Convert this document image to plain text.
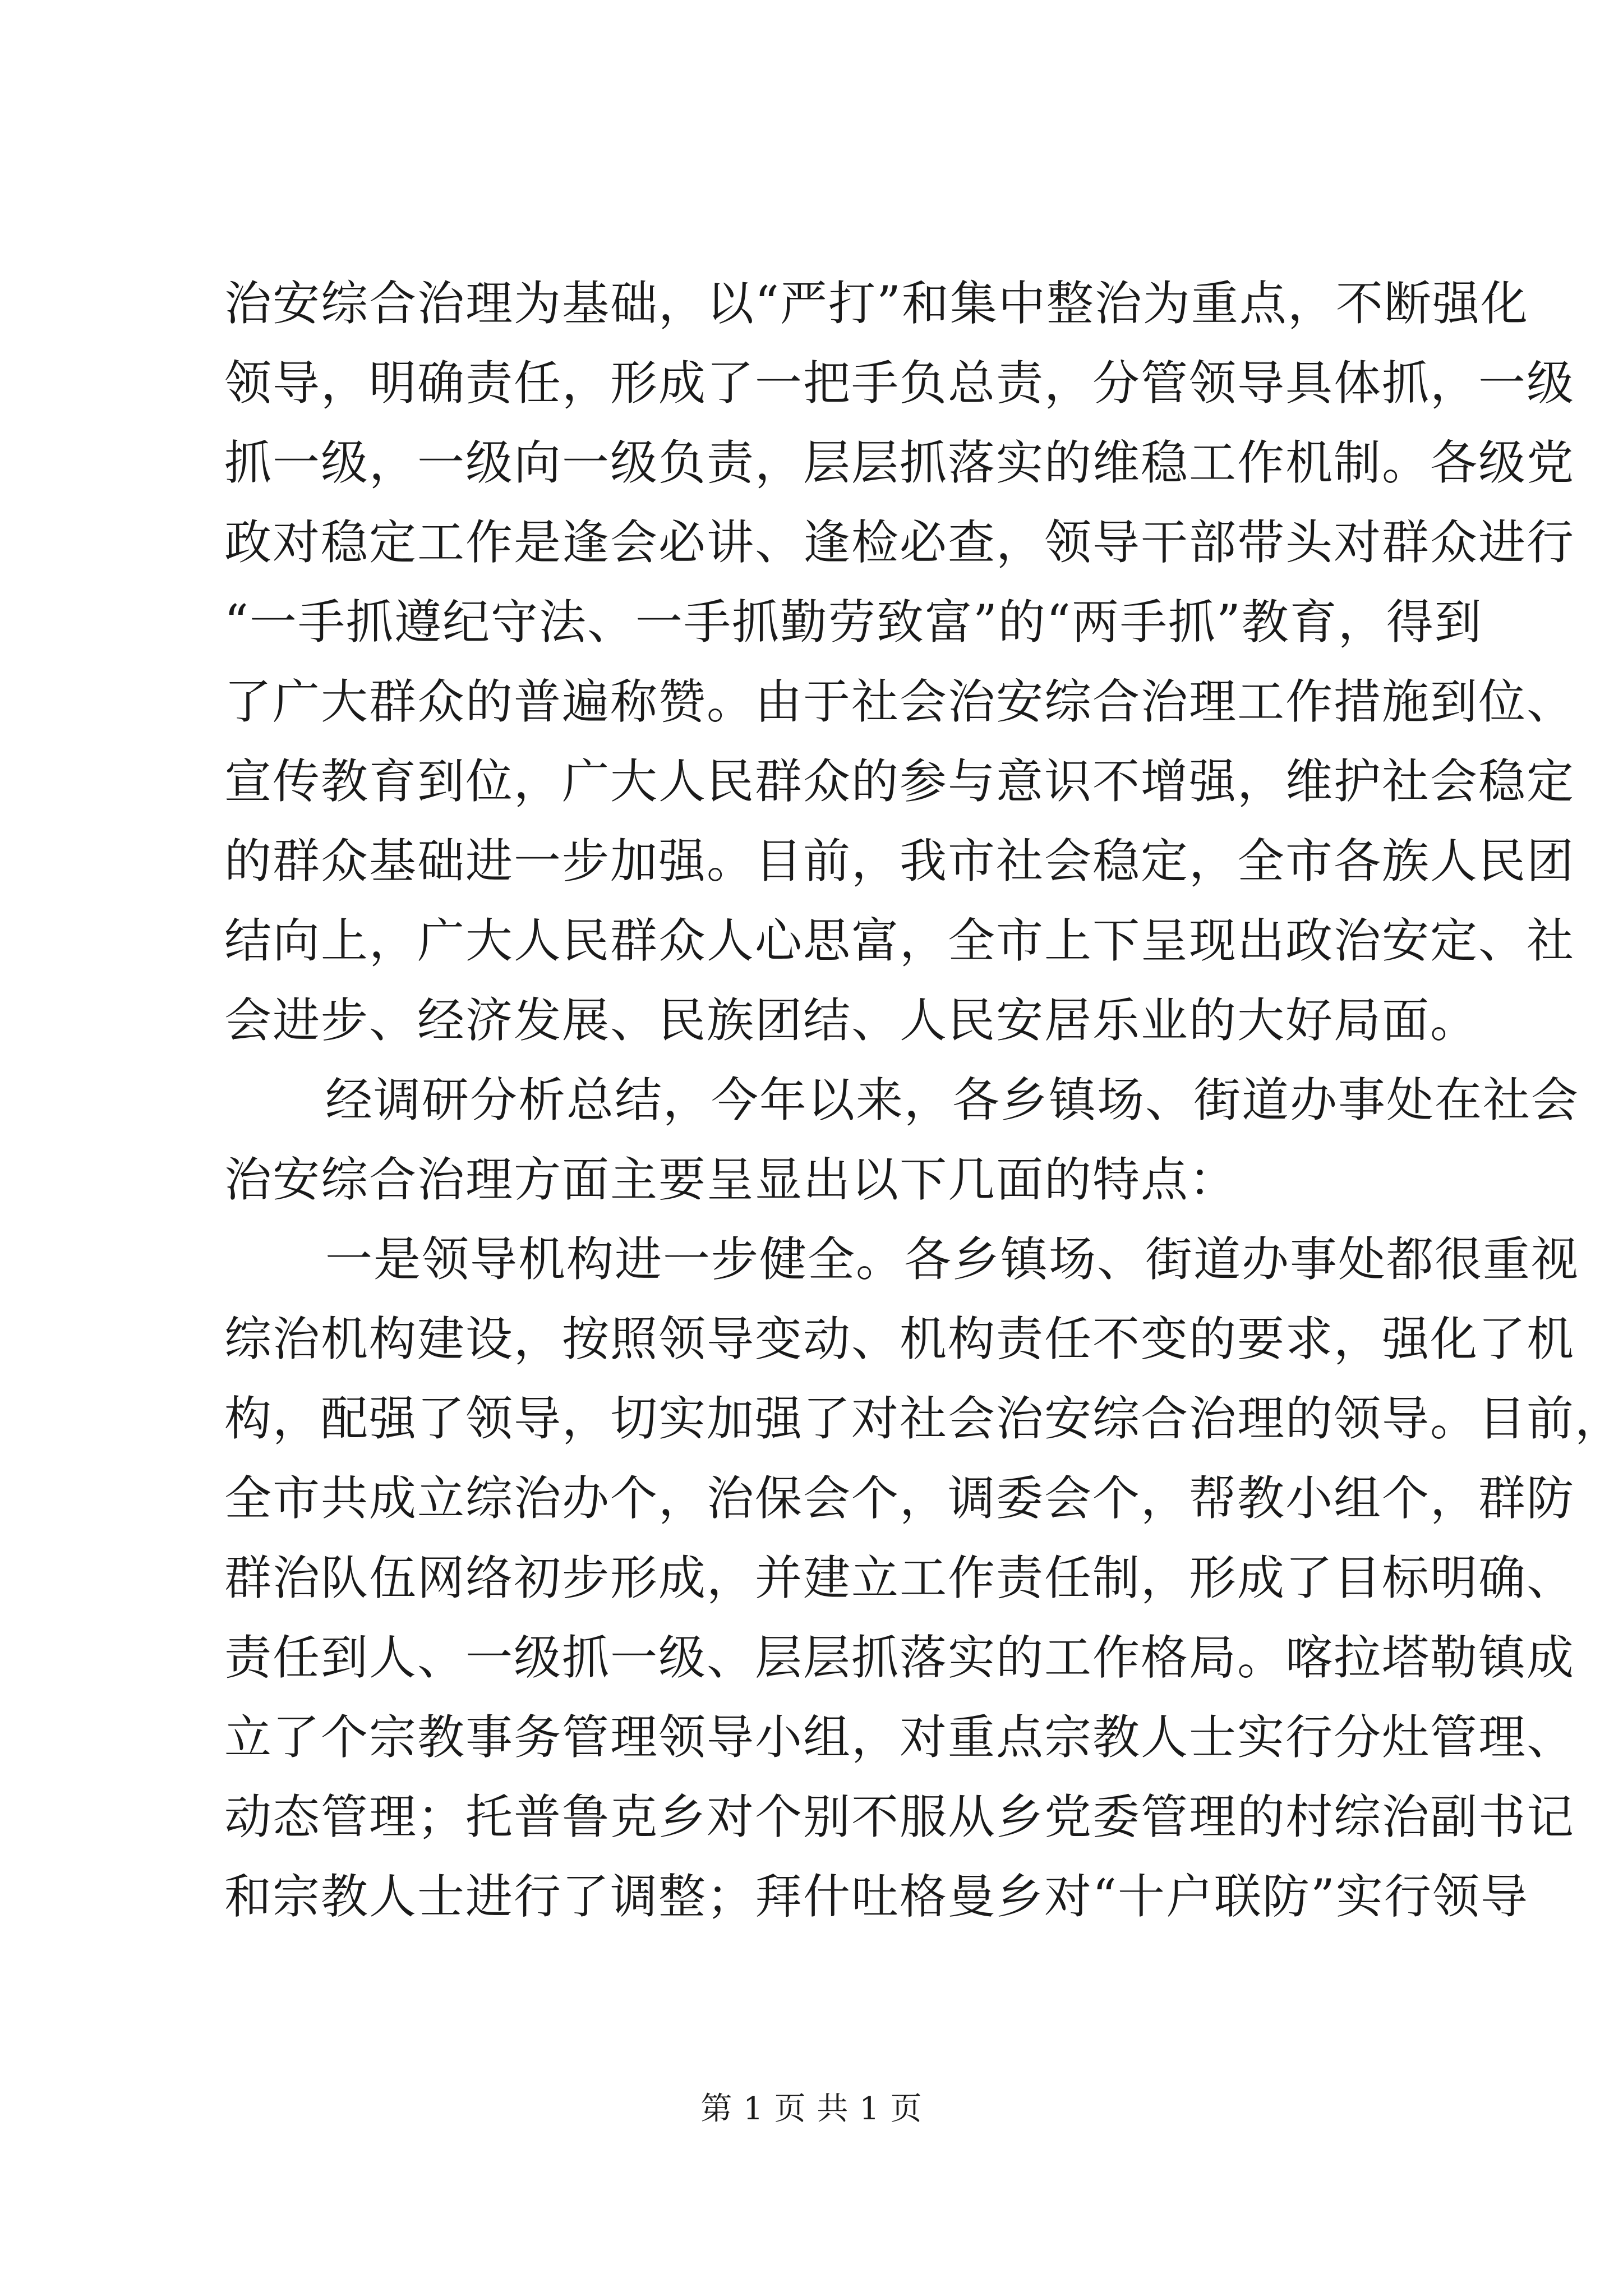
治安综合治理为基础，以“严打”和集中整治为重点，不断强化
领导，明确责任，形成了一把手负总责，分管领导具体抓，一级
抓一级，一级向一级负责，层层抓落实的维稳工作机制。各级党
政对稳定工作是逢会必讲、逢检必查，领导干部带头对群众进行
“一手抓遵纪守法、一手抓勤劳致富”的“两手抓”教育，得到
了广大群众的普遍称赞。由于社会治安综合治理工作措施到位、
宣传教育到位，广大人民群众的参与意识不增强，维护社会稳定
的群众基础进一步加强。目前，我市社会稳定，全市各族人民团
结向上，广大人民群众人心思富，全市上下呈现出政治安定、社
会进步、经济发展、民族团结、人民安居乐业的大好局面。
经调研分析总结，今年以来，各乡镇场、街道办事处在社会
治安综合治理方面主要呈显出以下几面的特点：
一是领导机构进一步健全。各乡镇场、街道办事处都很重视
综治机构建设，按照领导变动、机构责任不变的要求，强化了机
构，配强了领导，切实加强了对社会治安综合治理的领导。目前，
全市共成立综治办个，治保会个，调委会个，帮教小组个，群防
群治队伍网络初步形成，并建立工作责任制，形成了目标明确、
责任到人、一级抓一级、层层抓落实的工作格局。喀拉塔勒镇成
立了个宗教事务管理领导小组，对重点宗教人士实行分灶管理、
动态管理；托普鲁克乡对个别不服从乡党委管理的村综治副书记
和宗教人士进行了调整；拜什吐格曼乡对“十户联防”实行领导
第 1 页 共 1 页
